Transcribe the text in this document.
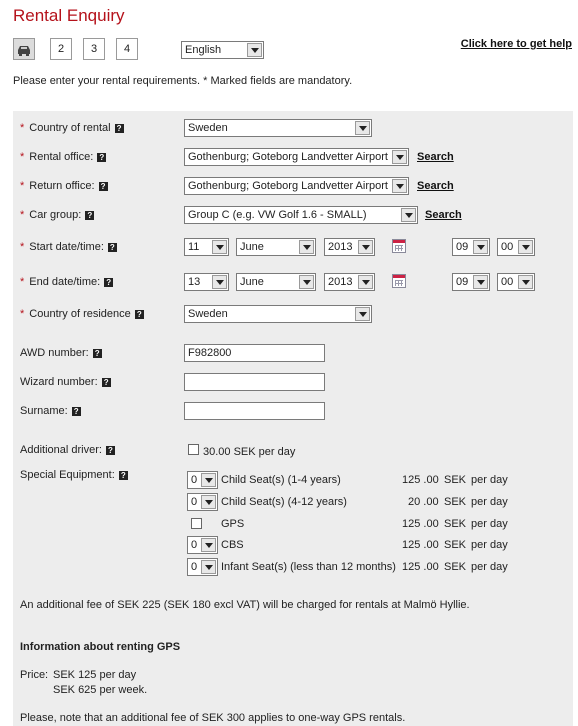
Rental Enquiry
2	3	4	English	Click here to get help
Please enter your rental requirements. * Marked fields are mandatory.
* Country of rental ?	Sweden
* Rental office: ?	Gothenburg; Goteborg Landvetter Airport	Search
* Return office: ?	Gothenburg; Goteborg Landvetter Airport	Search
* Car group: ?	Group C (e.g. VW Golf 1.6 - SMALL)	Search
* Start date/time: ?	11	June	2013	09	00
* End date/time: ?	13	June	2013	09	00
* Country of residence ?	Sweden
AWD number: ?	F982800
Wizard number: ?
Surname: ?
Additional driver: ?	30.00 SEK per day
Special Equipment: ?	0	Child Seat(s) (1-4 years)	125 .00 SEK per day
0	Child Seat(s) (4-12 years)	20 .00 SEK per day
GPS	125 .00 SEK per day
0	CBS	125 .00 SEK per day
0	Infant Seat(s) (less than 12 months) 125 .00 SEK per day
An additional fee of SEK 225 (SEK 180 excl VAT) will be charged for rentals at Malmö Hyllie.
Information about renting GPS
Price: SEK 125 per day
SEK 625 per week.
Please, note that an additional fee of SEK 300 applies to one-way GPS rentals.
